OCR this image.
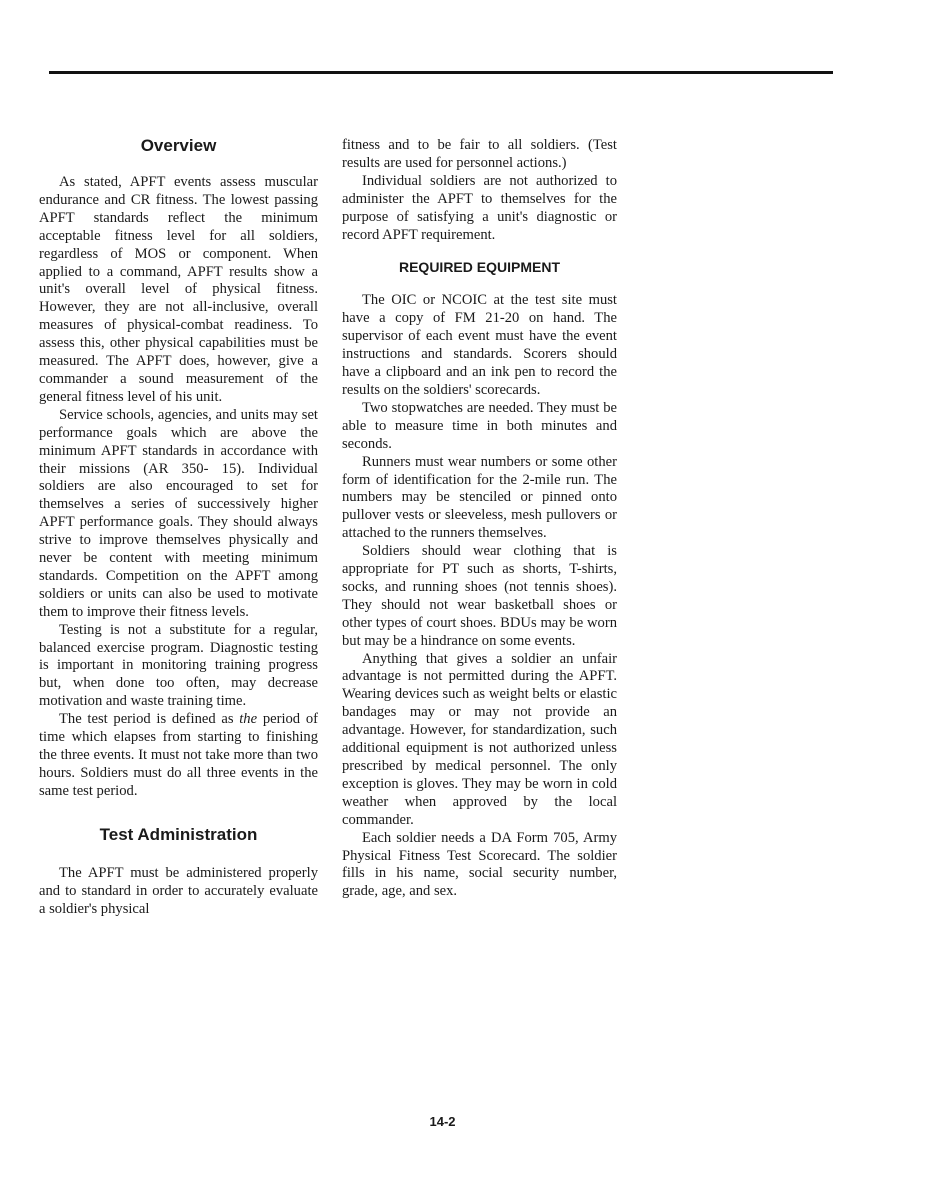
Overview

As stated, APFT events assess muscular endurance and CR fitness. The lowest passing APFT standards reflect the minimum acceptable fitness level for all soldiers, regardless of MOS or component. When applied to a command, APFT results show a unit's overall level of physical fitness. However, they are not all-inclusive, overall measures of physical-combat readiness. To assess this, other physical capabilities must be measured. The APFT does, however, give a commander a sound measurement of the general fitness level of his unit.

Service schools, agencies, and units may set performance goals which are above the minimum APFT standards in accordance with their missions (AR 350- 15). Individual soldiers are also encouraged to set for themselves a series of successively higher APFT performance goals. They should always strive to improve themselves physically and never be content with meeting minimum standards. Competition on the APFT among soldiers or units can also be used to motivate them to improve their fitness levels.

Testing is not a substitute for a regular, balanced exercise program. Diagnostic testing is important in monitoring training progress but, when done too often, may decrease motivation and waste training time.

The test period is defined as the period of time which elapses from starting to finishing the three events. It must not take more than two hours. Soldiers must do all three events in the same test period.

Test Administration

The APFT must be administered properly and to standard in order to accurately evaluate a soldier's physical

fitness and to be fair to all soldiers. (Test results are used for personnel actions.)

Individual soldiers are not authorized to administer the APFT to themselves for the purpose of satisfying a unit's diagnostic or record APFT requirement.

REQUIRED EQUIPMENT

The OIC or NCOIC at the test site must have a copy of FM 21-20 on hand. The supervisor of each event must have the event instructions and standards. Scorers should have a clipboard and an ink pen to record the results on the soldiers' scorecards.

Two stopwatches are needed. They must be able to measure time in both minutes and seconds.

Runners must wear numbers or some other form of identification for the 2-mile run. The numbers may be stenciled or pinned onto pullover vests or sleeveless, mesh pullovers or attached to the runners themselves.

Soldiers should wear clothing that is appropriate for PT such as shorts, T-shirts, socks, and running shoes (not tennis shoes). They should not wear basketball shoes or other types of court shoes. BDUs may be worn but may be a hindrance on some events.

Anything that gives a soldier an unfair advantage is not permitted during the APFT. Wearing devices such as weight belts or elastic bandages may or may not provide an advantage. However, for standardization, such additional equipment is not authorized unless prescribed by medical personnel. The only exception is gloves. They may be worn in cold weather when approved by the local commander.

Each soldier needs a DA Form 705, Army Physical Fitness Test Scorecard. The soldier fills in his name, social security number, grade, age, and sex.

14-2
